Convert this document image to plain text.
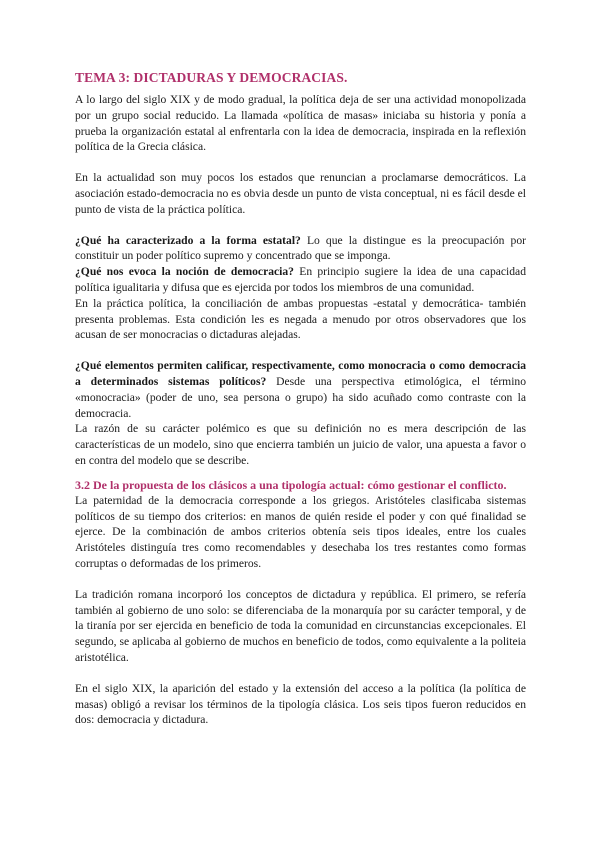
TEMA 3: DICTADURAS Y DEMOCRACIAS.

A lo largo del siglo XIX y de modo gradual, la política deja de ser una actividad monopolizada por un grupo social reducido. La llamada «política de masas» iniciaba su historia y ponía a prueba la organización estatal al enfrentarla con la idea de democracia, inspirada en la reflexión política de la Grecia clásica.

En la actualidad son muy pocos los estados que renuncian a proclamarse democráticos. La asociación estado-democracia no es obvia desde un punto de vista conceptual, ni es fácil desde el punto de vista de la práctica política.

¿Qué ha caracterizado a la forma estatal? Lo que la distingue es la preocupación por constituir un poder político supremo y concentrado que se imponga.

¿Qué nos evoca la noción de democracia? En principio sugiere la idea de una capacidad política igualitaria y difusa que es ejercida por todos los miembros de una comunidad.

En la práctica política, la conciliación de ambas propuestas -estatal y democrática- también presenta problemas. Esta condición les es negada a menudo por otros observadores que los acusan de ser monocracias o dictaduras alejadas.

¿Qué elementos permiten calificar, respectivamente, como monocracia o como democracia a determinados sistemas políticos? Desde una perspectiva etimológica, el término «monocracia» (poder de uno, sea persona o grupo) ha sido acuñado como contraste con la democracia.

La razón de su carácter polémico es que su definición no es mera descripción de las características de un modelo, sino que encierra también un juicio de valor, una apuesta a favor o en contra del modelo que se describe.

3.2 De la propuesta de los clásicos a una tipología actual: cómo gestionar el conflicto.

La paternidad de la democracia corresponde a los griegos. Aristóteles clasificaba sistemas políticos de su tiempo dos criterios: en manos de quién reside el poder y con qué finalidad se ejerce. De la combinación de ambos criterios obtenía seis tipos ideales, entre los cuales Aristóteles distinguía tres como recomendables y desechaba los tres restantes como formas corruptas o deformadas de los primeros.

La tradición romana incorporó los conceptos de dictadura y república. El primero, se refería también al gobierno de uno solo: se diferenciaba de la monarquía por su carácter temporal, y de la tiranía por ser ejercida en beneficio de toda la comunidad en circunstancias excepcionales. El segundo, se aplicaba al gobierno de muchos en beneficio de todos, como equivalente a la politeia aristotélica.

En el siglo XIX, la aparición del estado y la extensión del acceso a la política (la política de masas) obligó a revisar los términos de la tipología clásica. Los seis tipos fueron reducidos en dos: democracia y dictadura.
